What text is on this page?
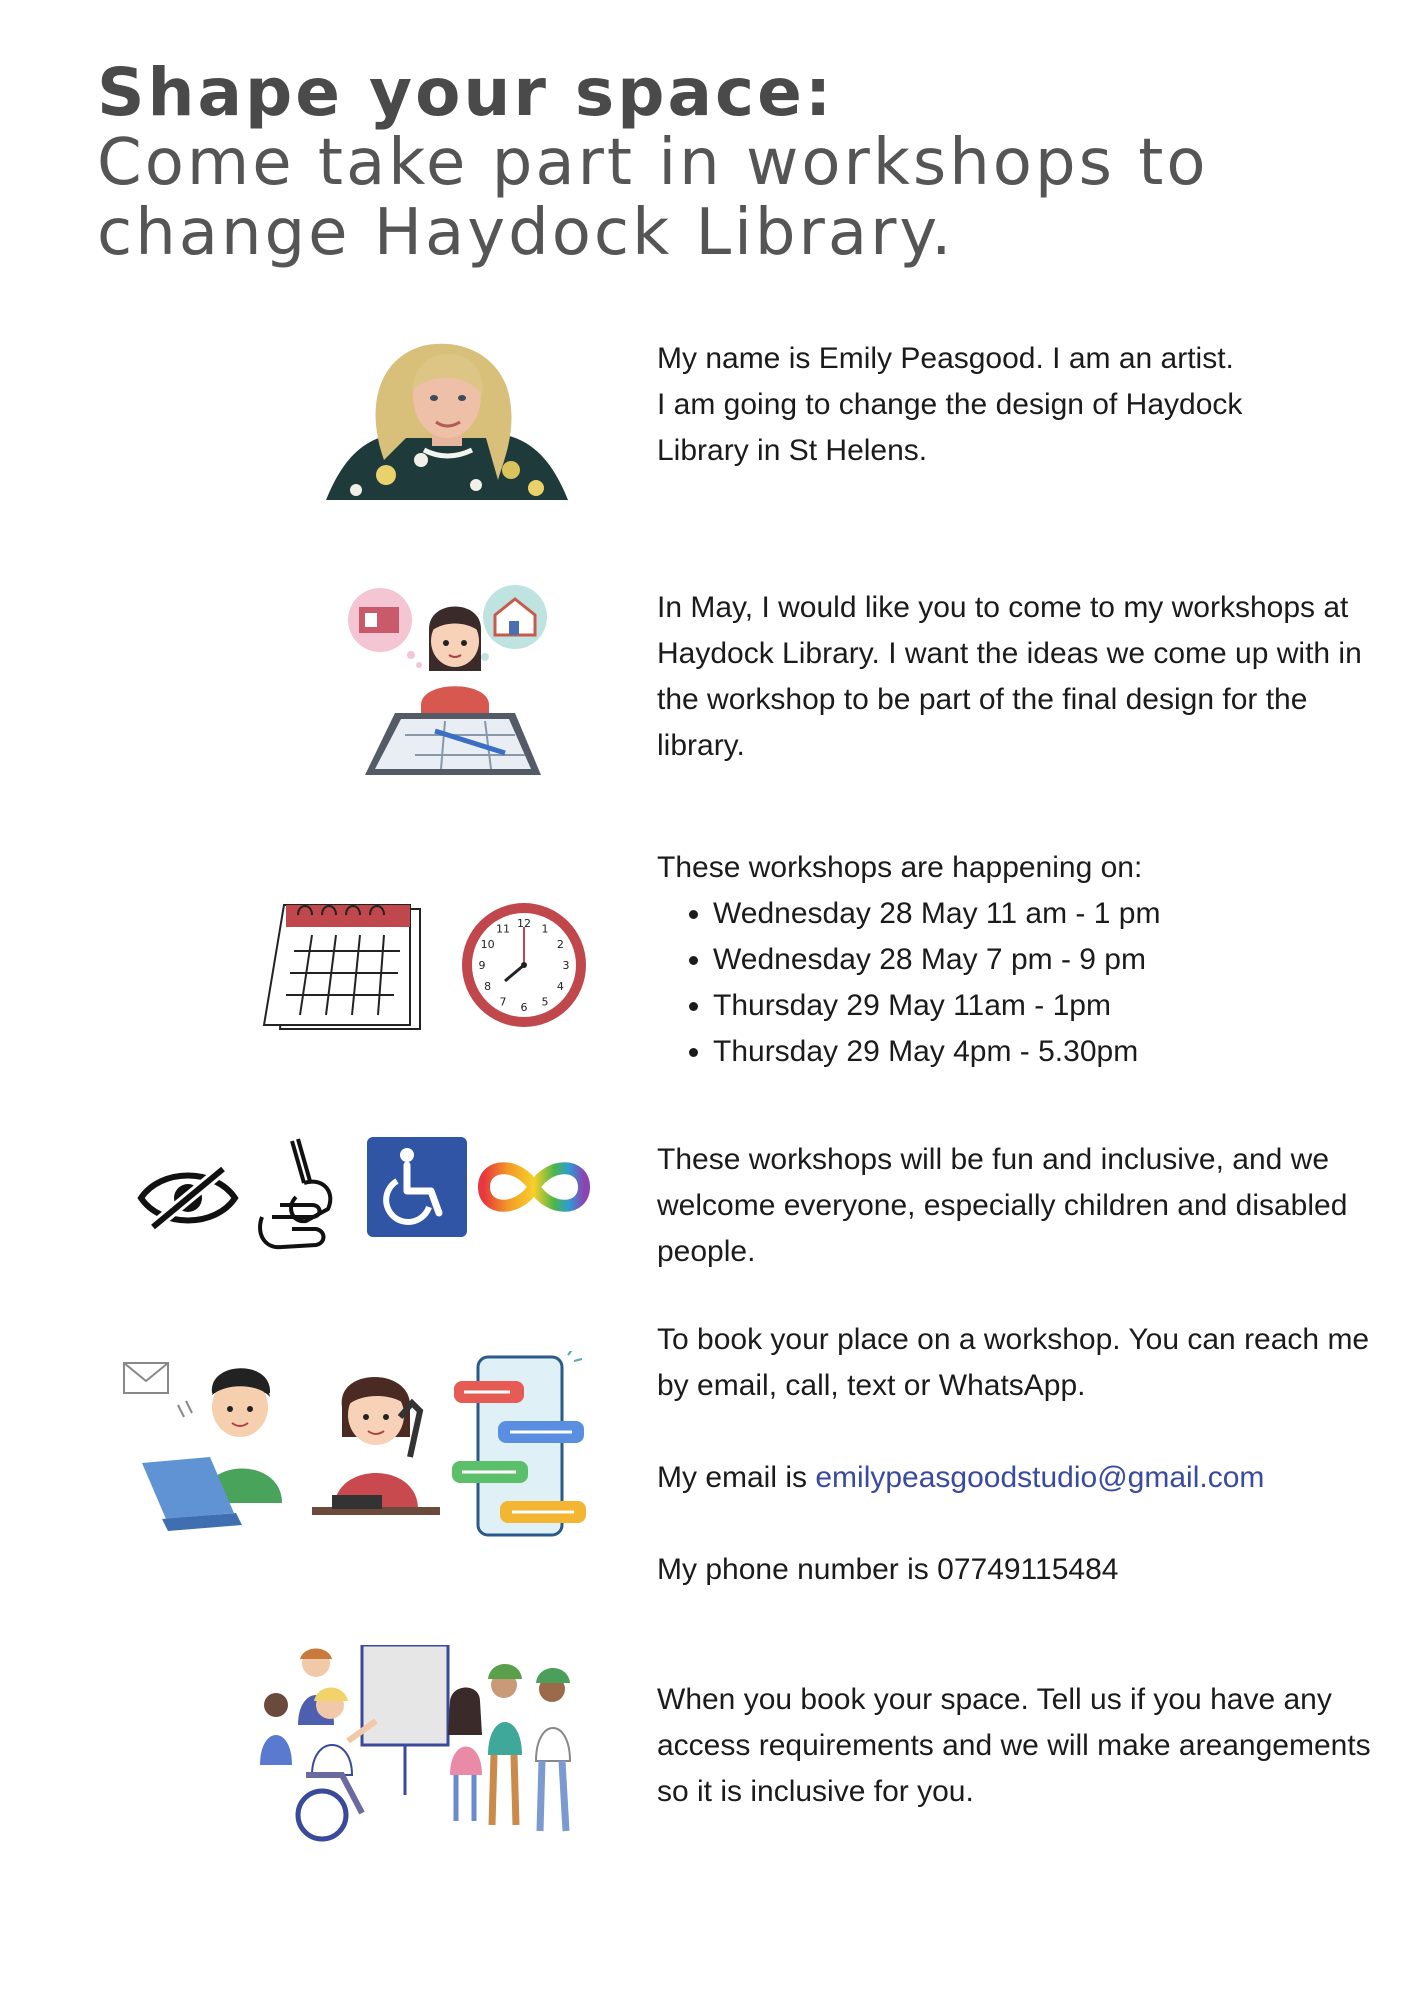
Shape your space:
Come take part in workshops to
change Haydock Library.

My name is Emily Peasgood. I am an artist.

I am going to change the design of Haydock

Library in St Helens.

In May, I would like you to come to my workshops at Haydock Library. I want the ideas we come up with in the workshop to be part of the final design for the library.

12 1
2
3
4
5
6
7
8
9
10
11

These workshops are happening on:

• Wednesday 28 May 11 am - 1 pm
• Wednesday 28 May 7 pm - 9 pm
• Thursday 29 May 11am - 1pm
• Thursday 29 May 4pm - 5.30pm

These workshops will be fun and inclusive, and we welcome everyone, especially children and disabled people.

To book your place on a workshop. You can reach me by email, call, text or WhatsApp.

My email is emilypeasgoodstudio@gmail.com

My phone number is 07749115484

When you book your space. Tell us if you have any access requirements and we will make areangements so it is inclusive for you.
